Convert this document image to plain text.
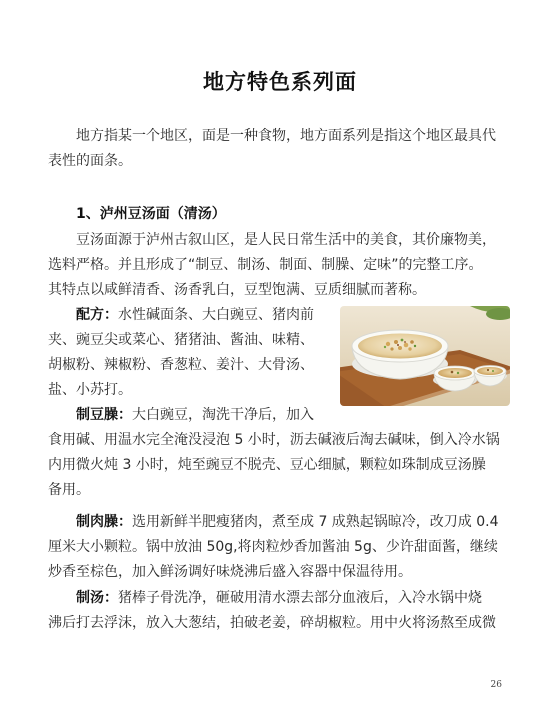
地方特色系列面
地方指某一个地区，面是一种食物，地方面系列是指这个地区最具代
表性的面条。
1、泸州豆汤面（清汤）
豆汤面源于泸州古叙山区，是人民日常生活中的美食，其价廉物美，
选料严格。并且形成了“制豆、制汤、制面、制臊、定味”的完整工序。
其特点以咸鲜清香、汤香乳白，豆型饱满、豆质细腻而著称。
配方：水性碱面条、大白豌豆、猪肉前
夹、豌豆尖或菜心、猪猪油、酱油、味精、
胡椒粉、辣椒粉、香葱粒、姜汁、大骨汤、
盐、小苏打。
制豆臊：大白豌豆，淘洗干净后，加入
食用碱、用温水完全淹没浸泡 5 小时，沥去碱液后淘去碱味，倒入冷水锅
内用微火炖 3 小时，炖至豌豆不脱壳、豆心细腻，颗粒如珠制成豆汤臊
备用。
制肉臊：选用新鲜半肥瘦猪肉，煮至成 7 成熟起锅晾冷，改刀成 0.4
厘米大小颗粒。锅中放油 50g,将肉粒炒香加酱油 5g、少许甜面酱，继续
炒香至棕色，加入鲜汤调好味烧沸后盛入容器中保温待用。
制汤：猪棒子骨洗净，砸破用清水漂去部分血液后，入冷水锅中烧
沸后打去浮沫，放入大葱结，拍破老姜，碎胡椒粒。用中火将汤熬至成微
26
